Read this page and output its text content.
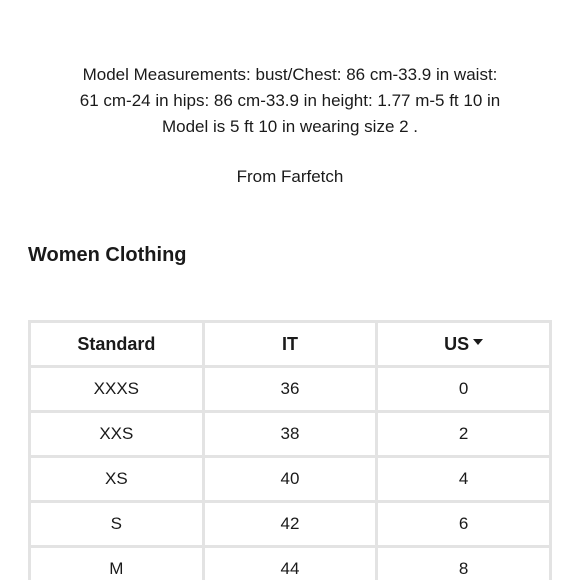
Model Measurements: bust/Chest: 86 cm-33.9 in waist:
61 cm-24 in hips: 86 cm-33.9 in height: 1.77 m-5 ft 10 in
Model is 5 ft 10 in wearing size 2 .
From Farfetch
Women Clothing
Standard	IT	US

XXXS	36	0
XXS	38	2
XS	40	4
S	42	6
M	44	8
